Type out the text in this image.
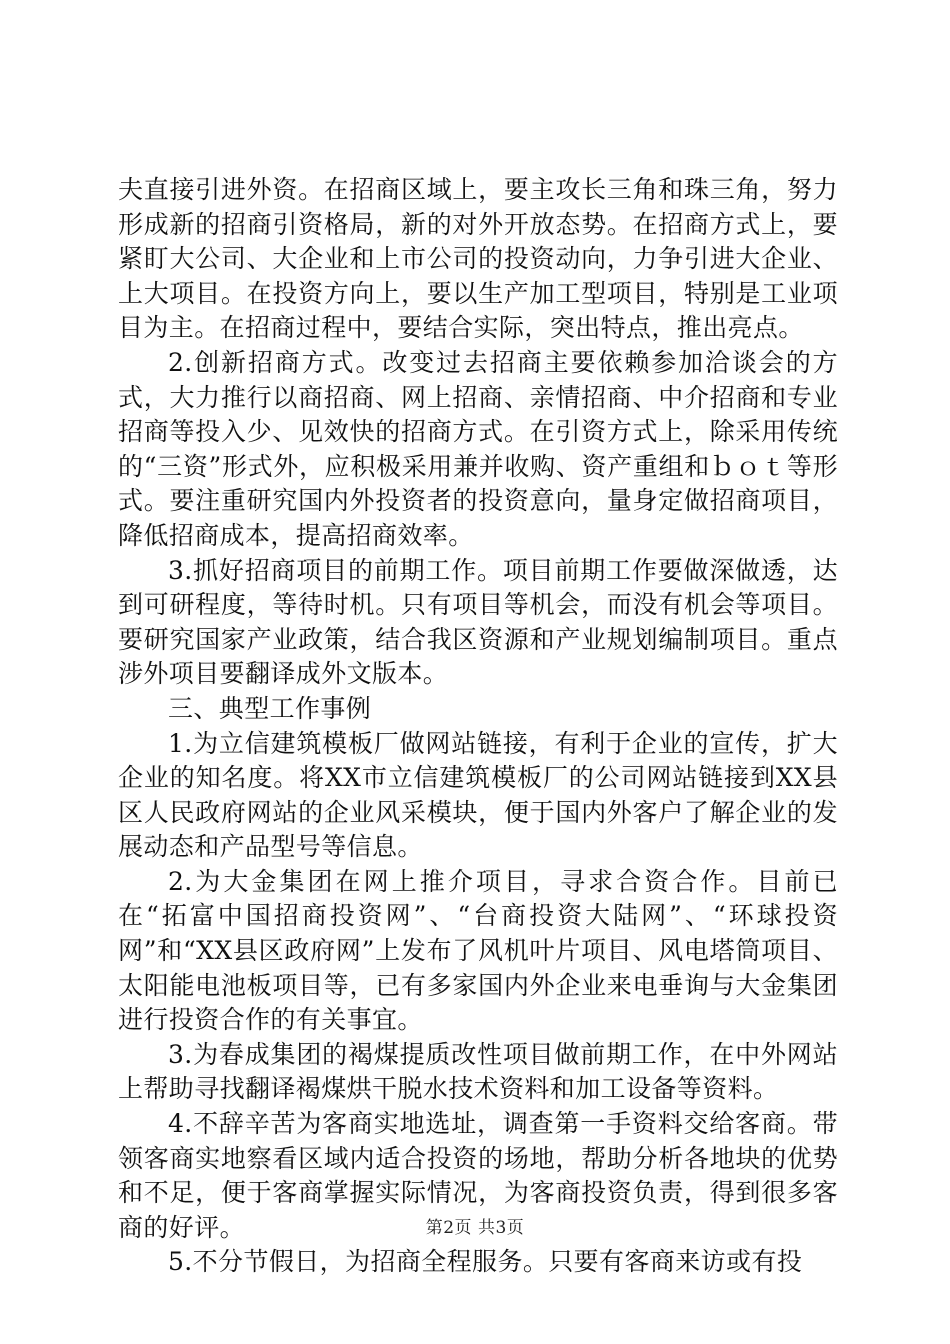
夫直接引进外资。在招商区域上，要主攻长三角和珠三角，努力形成新的招商引资格局，新的对外开放态势。在招商方式上，要紧盯大公司、大企业和上市公司的投资动向，力争引进大企业、上大项目。在投资方向上，要以生产加工型项目，特别是工业项目为主。在招商过程中，要结合实际，突出特点，推出亮点。

2.创新招商方式。改变过去招商主要依赖参加洽谈会的方式，大力推行以商招商、网上招商、亲情招商、中介招商和专业招商等投入少、见效快的招商方式。在引资方式上，除采用传统的“三资”形式外，应积极采用兼并收购、资产重组和ｂｏｔ等形式。要注重研究国内外投资者的投资意向，量身定做招商项目，降低招商成本，提高招商效率。

3.抓好招商项目的前期工作。项目前期工作要做深做透，达到可研程度，等待时机。只有项目等机会，而没有机会等项目。要研究国家产业政策，结合我区资源和产业规划编制项目。重点涉外项目要翻译成外文版本。

三、典型工作事例

1.为立信建筑模板厂做网站链接，有利于企业的宣传，扩大企业的知名度。将XX市立信建筑模板厂的公司网站链接到XX县区人民政府网站的企业风采模块，便于国内外客户了解企业的发展动态和产品型号等信息。

2.为大金集团在网上推介项目，寻求合资合作。目前已在“拓富中国招商投资网”、“台商投资大陆网”、“环球投资网”和“XX县区政府网”上发布了风机叶片项目、风电塔筒项目、太阳能电池板项目等，已有多家国内外企业来电垂询与大金集团进行投资合作的有关事宜。

3.为春成集团的褐煤提质改性项目做前期工作，在中外网站上帮助寻找翻译褐煤烘干脱水技术资料和加工设备等资料。

4.不辞辛苦为客商实地选址，调查第一手资料交给客商。带领客商实地察看区域内适合投资的场地，帮助分析各地块的优势和不足，便于客商掌握实际情况，为客商投资负责，得到很多客商的好评。

5.不分节假日，为招商全程服务。只要有客商来访或有投

第2页 共3页
